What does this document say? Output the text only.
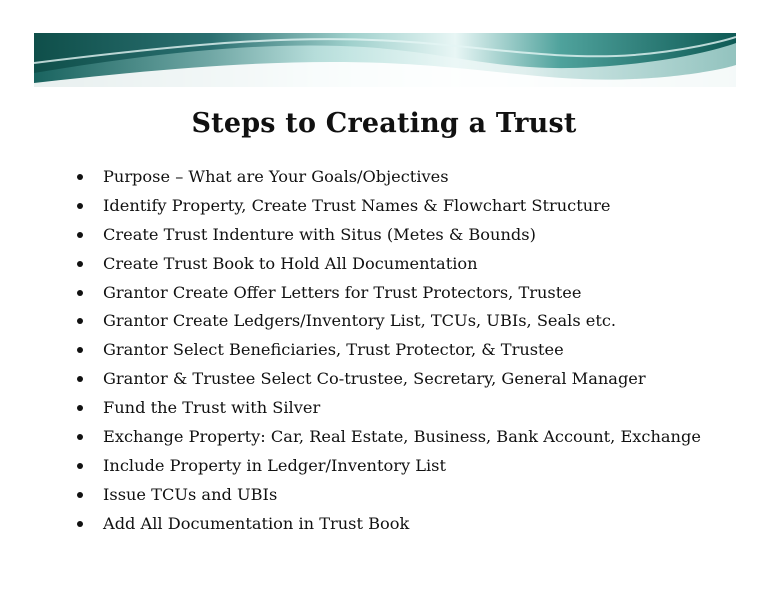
Steps to Creating a Trust
Purpose – What are Your Goals/Objectives
Identify Property, Create Trust Names & Flowchart Structure
Create Trust Indenture with Situs (Metes & Bounds)
Create Trust Book to Hold All Documentation
Grantor Create Offer Letters for Trust Protectors, Trustee
Grantor Create Ledgers/Inventory List, TCUs, UBIs, Seals etc.
Grantor Select Beneficiaries, Trust Protector, & Trustee
Grantor & Trustee Select Co-trustee, Secretary, General Manager
Fund the Trust with Silver
Exchange Property: Car, Real Estate, Business, Bank Account, Exchange
Include Property in Ledger/Inventory List
Issue TCUs and UBIs
Add All Documentation in Trust Book
